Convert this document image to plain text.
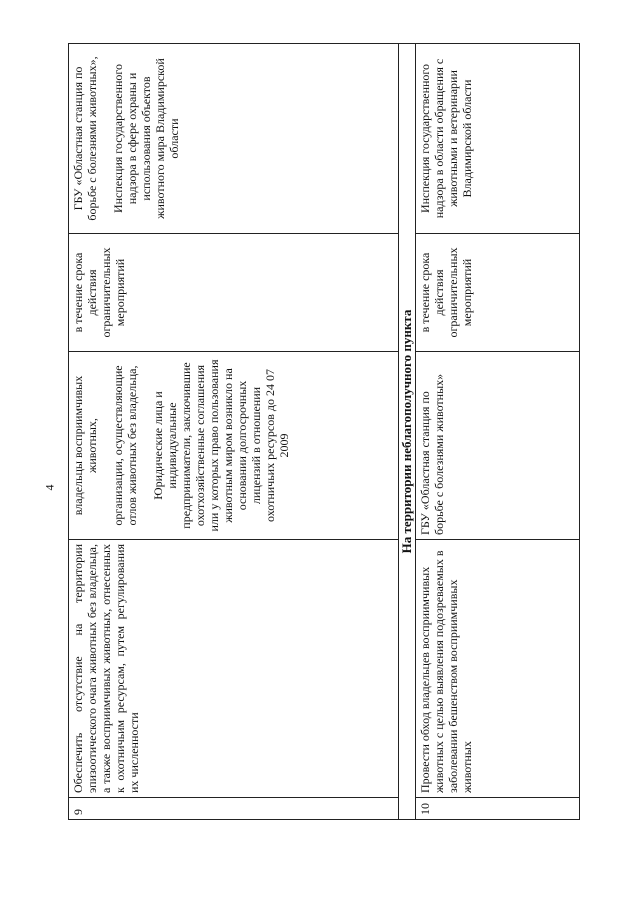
4
9	Обеспечить отсутствие на территории эпизоотического очага животных без владельца, а также восприимчивых животных, отнесенных к охотничьим ресурсам, путем регулирования их численности	владельцы восприимчивых животных, организации, осуществляющие отлов животных без владельца, Юридические лица и индивидуальные предприниматели, заключившие охотхозяйственные соглашения или у которых право пользования животным миром возникло на основании долгосрочных лицензий в отношении охотничьих ресурсов до 24 07 2009	в течение срока действия ограничительных мероприятий	ГБУ «Областная станция по борьбе с болезнями животных», Инспекция государственного надзора в сфере охраны и использования объектов животного мира Владимирской области

На территории неблагополучного пункта				
10	Провести обход владельцев восприимчивых животных с целью выявления подозреваемых в заболевании бешенством восприимчивых животных	ГБУ «Областная станция по борьбе с болезнями животных»	в течение срока действия ограничительных мероприятий	Инспекция государственного надзора в области обращения с животными и ветеринарии Владимирской области
